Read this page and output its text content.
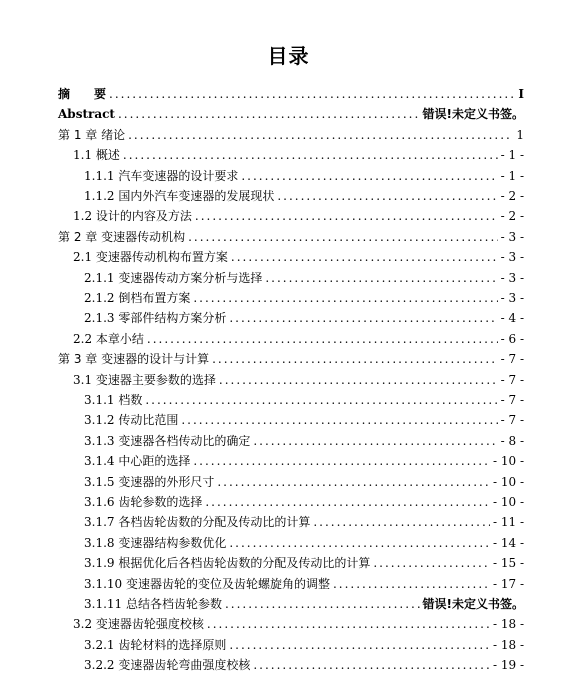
目录
摘　　要 .....	I
Abstract .....	错误!未定义书签。
第 1 章 绪论 .....	1
1.1 概述 .....	- 1 -
1.1.1 汽车变速器的设计要求 .....	- 1 -
1.1.2 国内外汽车变速器的发展现状 .....	- 2 -
1.2 设计的内容及方法 .....	- 2 -
第 2 章 变速器传动机构 .....	- 3 -
2.1 变速器传动机构布置方案 .....	- 3 -
2.1.1 变速器传动方案分析与选择 .....	- 3 -
2.1.2 倒档布置方案 .....	- 3 -
2.1.3 零部件结构方案分析 .....	- 4 -
2.2 本章小结 .....	- 6 -
第 3 章 变速器的设计与计算 .....	- 7 -
3.1 变速器主要参数的选择 .....	- 7 -
3.1.1 档数 .....	- 7 -
3.1.2 传动比范围 .....	- 7 -
3.1.3 变速器各档传动比的确定 .....	- 8 -
3.1.4 中心距的选择 .....	- 10 -
3.1.5 变速器的外形尺寸 .....	- 10 -
3.1.6 齿轮参数的选择 .....	- 10 -
3.1.7 各档齿轮齿数的分配及传动比的计算 .....	- 11 -
3.1.8 变速器结构参数优化 .....	- 14 -
3.1.9 根据优化后各档齿轮齿数的分配及传动比的计算 .....	- 15 -
3.1.10 变速器齿轮的变位及齿轮螺旋角的调整 .....	- 17 -
3.1.11 总结各档齿轮参数 .....	错误!未定义书签。
3.2 变速器齿轮强度校核 .....	- 18 -
3.2.1 齿轮材料的选择原则 .....	- 18 -
3.2.2 变速器齿轮弯曲强度校核 .....	- 19 -
